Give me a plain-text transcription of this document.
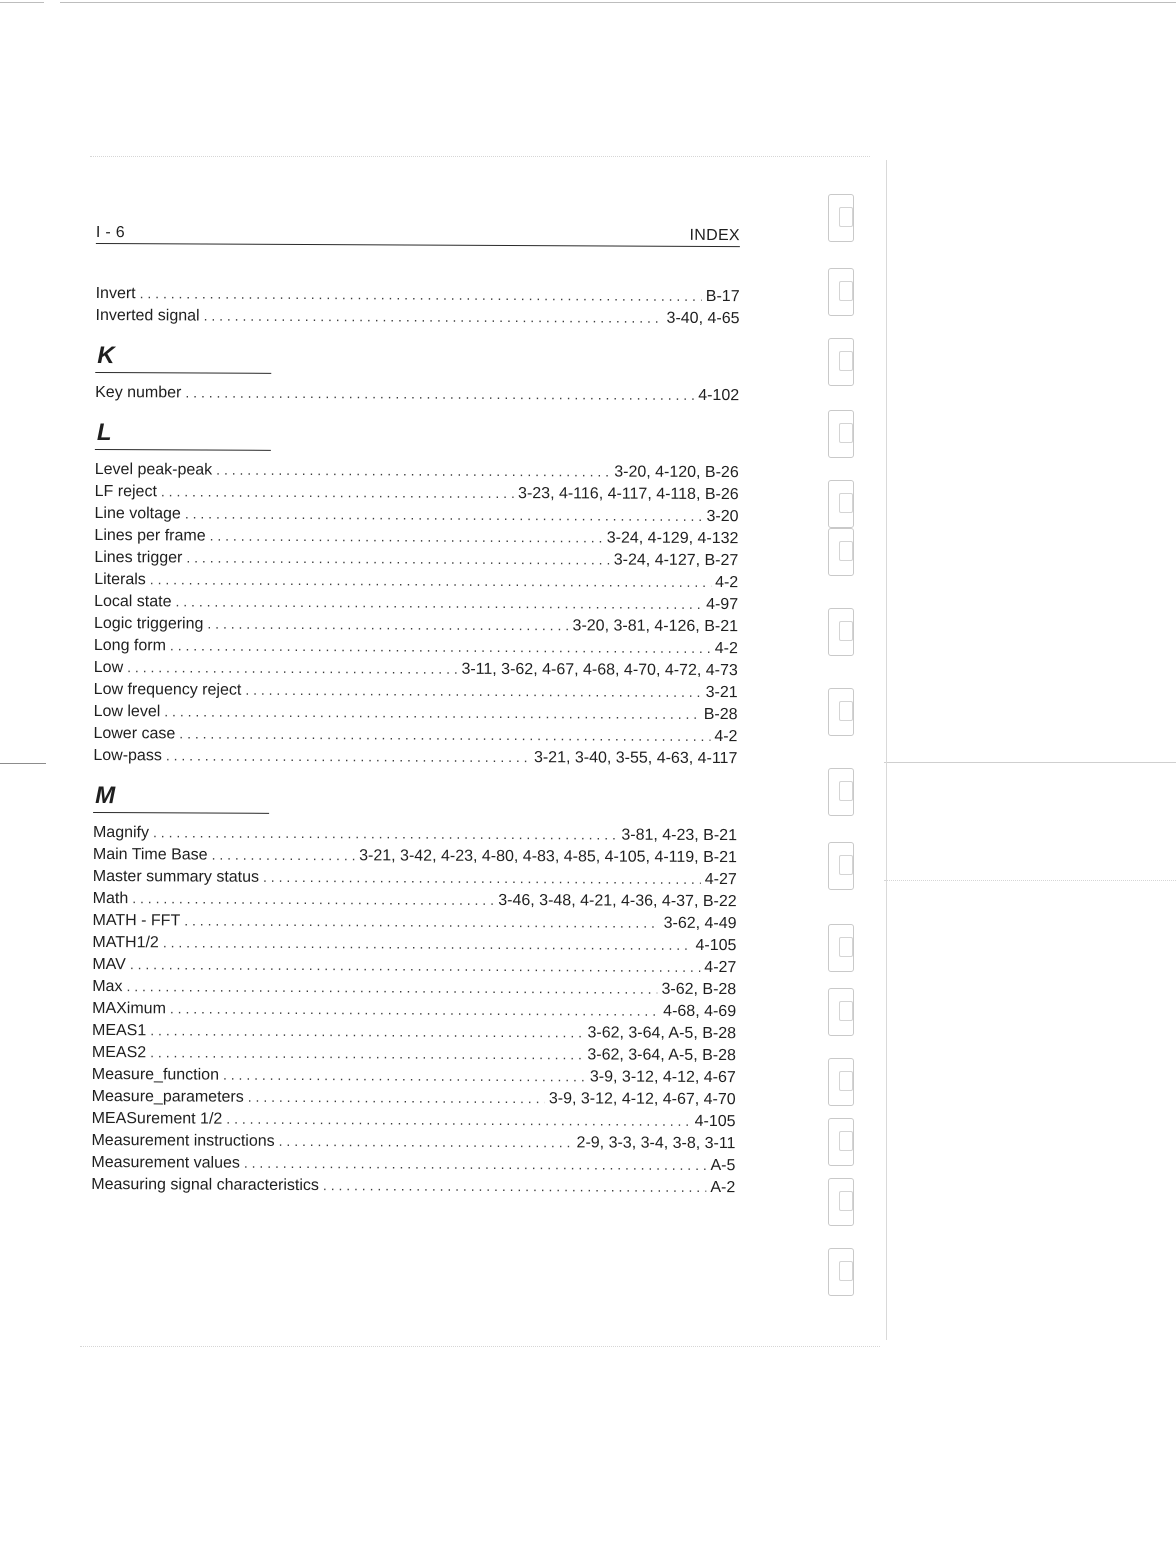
I - 6	INDEX
Invert . . .	B-17
Inverted signal . . .	3-40, 4-65
K
Key number . . .	4-102
L
Level peak-peak . . .	3-20, 4-120, B-26
LF reject . . .	3-23, 4-116, 4-117, 4-118, B-26
Line voltage . . .	3-20
Lines per frame . . .	3-24, 4-129, 4-132
Lines trigger . . .	3-24, 4-127, B-27
Literals . . .	4-2
Local state . . .	4-97
Logic triggering . . .	3-20, 3-81, 4-126, B-21
Long form . . .	4-2
Low . . .	3-11, 3-62, 4-67, 4-68, 4-70, 4-72, 4-73
Low frequency reject . . .	3-21
Low level . . .	B-28
Lower case . . .	4-2
Low-pass . . .	3-21, 3-40, 3-55, 4-63, 4-117
M
Magnify . . .	3-81, 4-23, B-21
Main Time Base . . .	3-21, 3-42, 4-23, 4-80, 4-83, 4-85, 4-105, 4-119, B-21
Master summary status . . .	4-27
Math . . .	3-46, 3-48, 4-21, 4-36, 4-37, B-22
MATH - FFT . . .	3-62, 4-49
MATH1/2 . . .	4-105
MAV . . .	4-27
Max . . .	3-62, B-28
MAXimum . . .	4-68, 4-69
MEAS1 . . .	3-62, 3-64, A-5, B-28
MEAS2 . . .	3-62, 3-64, A-5, B-28
Measure_function . . .	3-9, 3-12, 4-12, 4-67
Measure_parameters . . .	3-9, 3-12, 4-12, 4-67, 4-70
MEASurement 1/2 . . .	4-105
Measurement instructions . . .	2-9, 3-3, 3-4, 3-8, 3-11
Measurement values . . .	A-5
Measuring signal characteristics . . .	A-2
